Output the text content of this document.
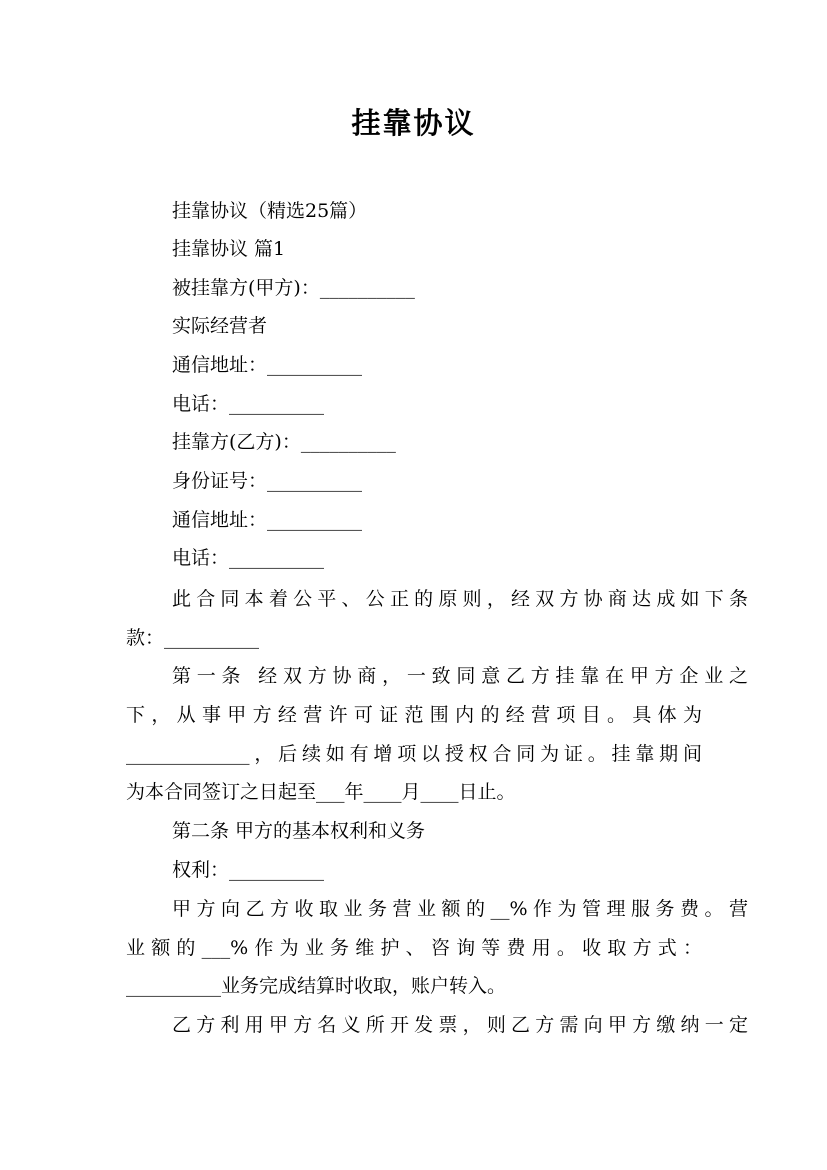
挂靠协议
挂靠协议（精选25篇）
挂靠协议 篇1
被挂靠方(甲方)：__________
实际经营者
通信地址：__________
电话：__________
挂靠方(乙方)：__________
身份证号：__________
通信地址：__________
电话：__________
此合同本着公平、公正的原则，经双方协商达成如下条
款：__________
第一条 经双方协商，一致同意乙方挂靠在甲方企业之
下，从事甲方经营许可证范围内的经营项目。具体为
_____________，后续如有增项以授权合同为证。挂靠期间
为本合同签订之日起至___年____月____日止。
第二条 甲方的基本权利和义务
权利：__________
甲方向乙方收取业务营业额的__%作为管理服务费。营
业额的___%作为业务维护、咨询等费用。收取方式：
__________业务完成结算时收取，账户转入。
乙方利用甲方名义所开发票，则乙方需向甲方缴纳一定
